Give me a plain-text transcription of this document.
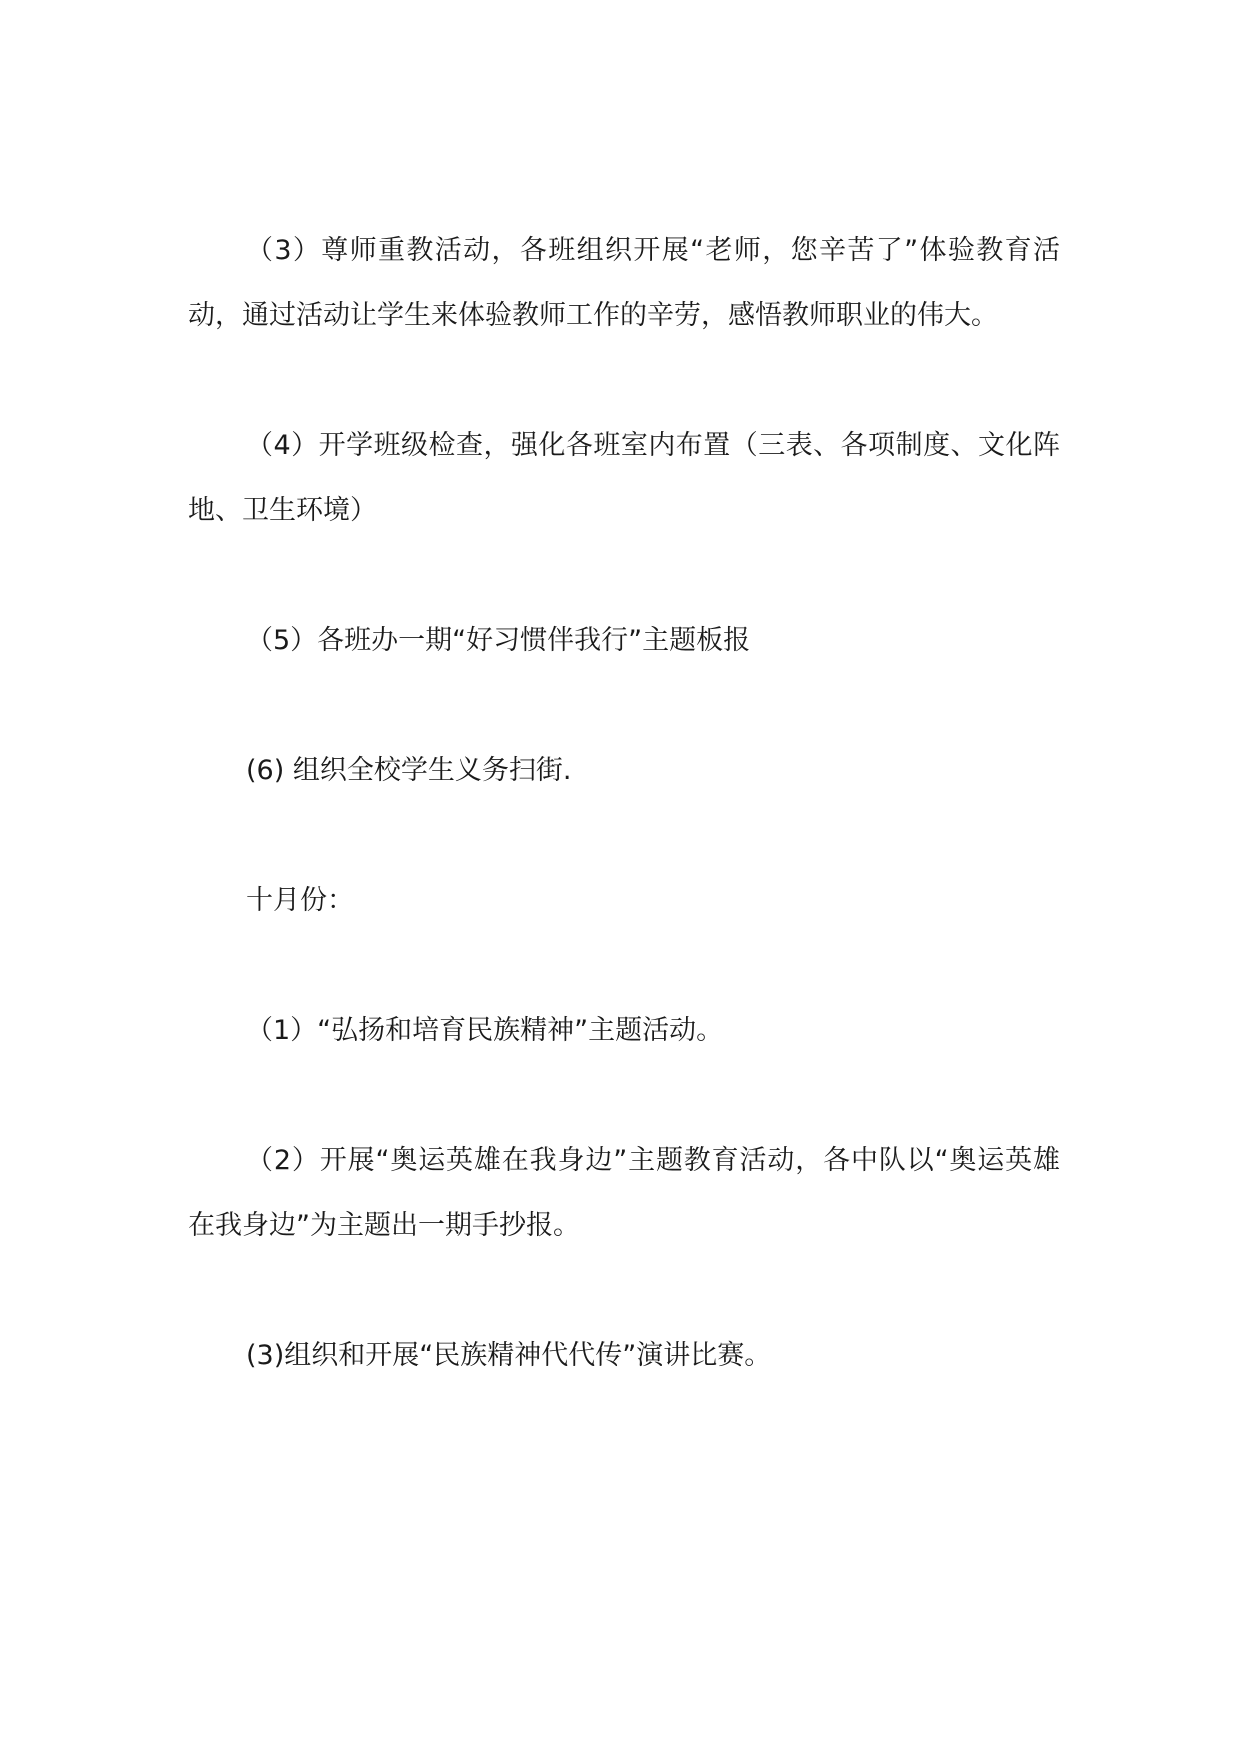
（3）尊师重教活动，各班组织开展“老师，您辛苦了”体验教育活动，通过活动让学生来体验教师工作的辛劳，感悟教师职业的伟大。

（4）开学班级检查，强化各班室内布置（三表、各项制度、文化阵地、卫生环境）

（5）各班办一期“好习惯伴我行”主题板报

(6) 组织全校学生义务扫街.

十月份：

（1）“弘扬和培育民族精神”主题活动。

（2）开展“奥运英雄在我身边”主题教育活动，各中队以“奥运英雄在我身边”为主题出一期手抄报。

(3)组织和开展“民族精神代代传”演讲比赛。
